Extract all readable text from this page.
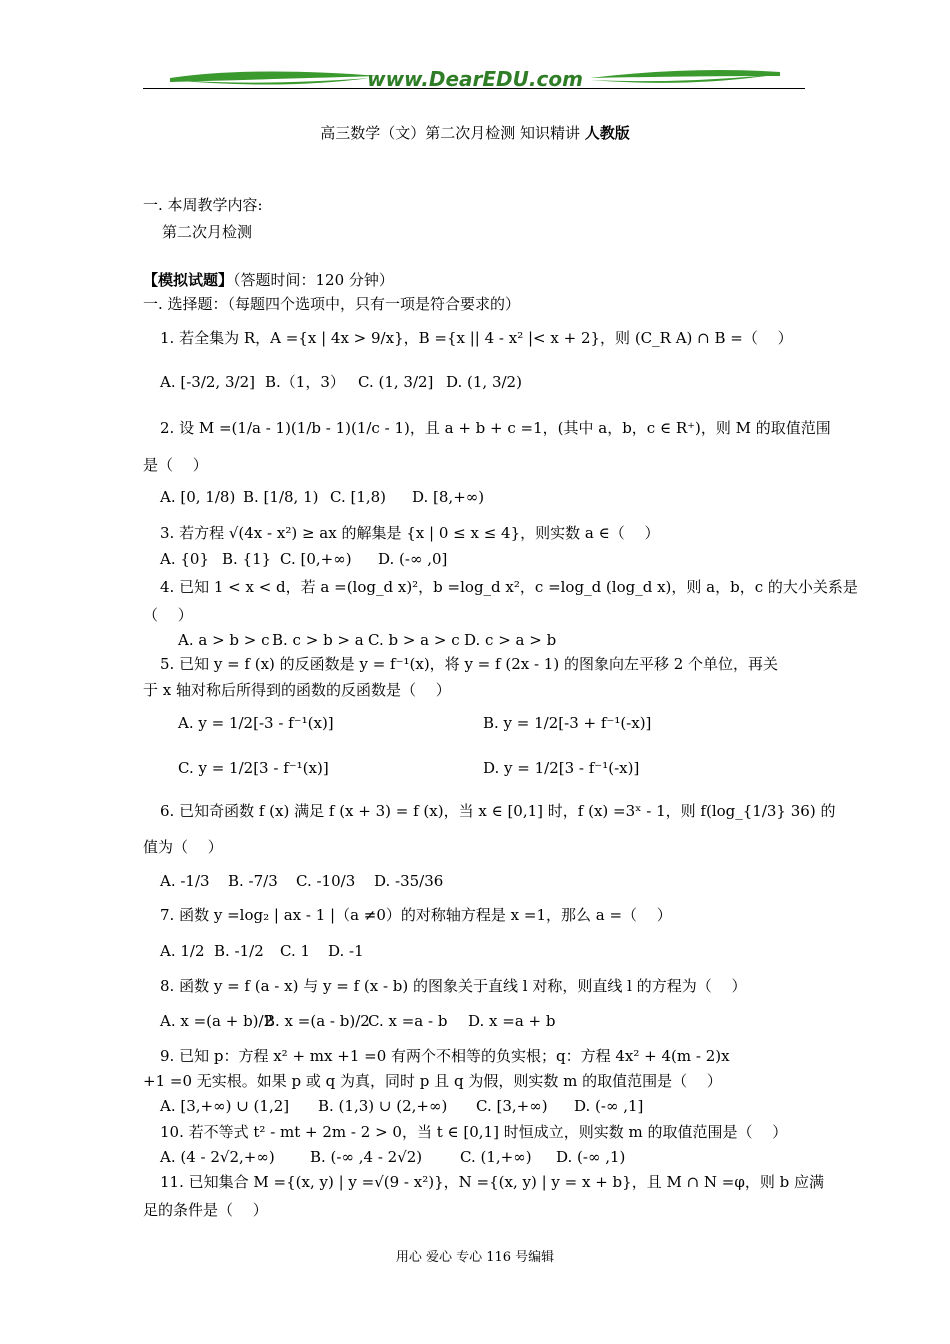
www.DearEDU.com
高三数学（文）第二次月检测 知识精讲 人教版
一. 本周教学内容:
第二次月检测
【模拟试题】（答题时间：120 分钟）
一. 选择题：（每题四个选项中，只有一项是符合要求的）
1. 若全集为 R，A ={x | 4x > 9/x}，B ={x || 4 - x² |< x + 2}，则 (C_R A) ∩ B =（　 ）
A. [-3/2, 3/2] B.（1，3） C. (1, 3/2] D. (1, 3/2)
2. 设 M =(1/a - 1)(1/b - 1)(1/c - 1)，且 a + b + c =1，(其中 a，b，c ∈ R⁺)，则 M 的取值范围
是（　 ）
A. [0, 1/8) B. [1/8, 1) C. [1,8) D. [8,+∞)
3. 若方程 √(4x - x²) ≥ ax 的解集是 {x | 0 ≤ x ≤ 4}，则实数 a ∈（　 ）
A. {0} B. {1} C. [0,+∞) D. (-∞ ,0]
4. 已知 1 < x < d，若 a =(log_d x)²，b =log_d x²，c =log_d (log_d x)，则 a，b，c 的大小关系是
（　 ）
A. a > b > c B. c > b > a C. b > a > c D. c > a > b
5. 已知 y = f (x) 的反函数是 y = f⁻¹(x)，将 y = f (2x - 1) 的图象向左平移 2 个单位，再关
于 x 轴对称后所得到的函数的反函数是（　 ）
A. y = 1/2[-3 - f⁻¹(x)]	B. y = 1/2[-3 + f⁻¹(-x)]
C. y = 1/2[3 - f⁻¹(x)]	D. y = 1/2[3 - f⁻¹(-x)]
6. 已知奇函数 f (x) 满足 f (x + 3) = f (x)，当 x ∈ [0,1] 时，f (x) =3ˣ - 1，则 f(log_{1/3} 36) 的
值为（　 ）
A. -1/3 B. -7/3 C. -10/3 D. -35/36
7. 函数 y =log₂ | ax - 1 |（a ≠0）的对称轴方程是 x =1，那么 a =（　 ）
A. 1/2 B. -1/2 C. 1 D. -1
8. 函数 y = f (a - x) 与 y = f (x - b) 的图象关于直线 l 对称，则直线 l 的方程为（　 ）
A. x =(a + b)/2
B. x =(a - b)/2
C. x =a - b D. x =a + b
9. 已知 p：方程 x² + mx +1 =0 有两个不相等的负实根；q：方程 4x² + 4(m - 2)x
+1 =0 无实根。如果 p 或 q 为真，同时 p 且 q 为假，则实数 m 的取值范围是（　 ）
A. [3,+∞) ∪ (1,2] B. (1,3) ∪ (2,+∞) C. [3,+∞) D. (-∞ ,1]
10. 若不等式 t² - mt + 2m - 2 > 0，当 t ∈ [0,1] 时恒成立，则实数 m 的取值范围是（　 ）
A. (4 - 2√2,+∞) B. (-∞ ,4 - 2√2)	C. (1,+∞) D. (-∞ ,1)
11. 已知集合 M ={(x, y) | y =√(9 - x²)}，N ={(x, y) | y = x + b}，且 M ∩ N =φ，则 b 应满
足的条件是（　 ）
用心 爱心 专心 116 号编辑
